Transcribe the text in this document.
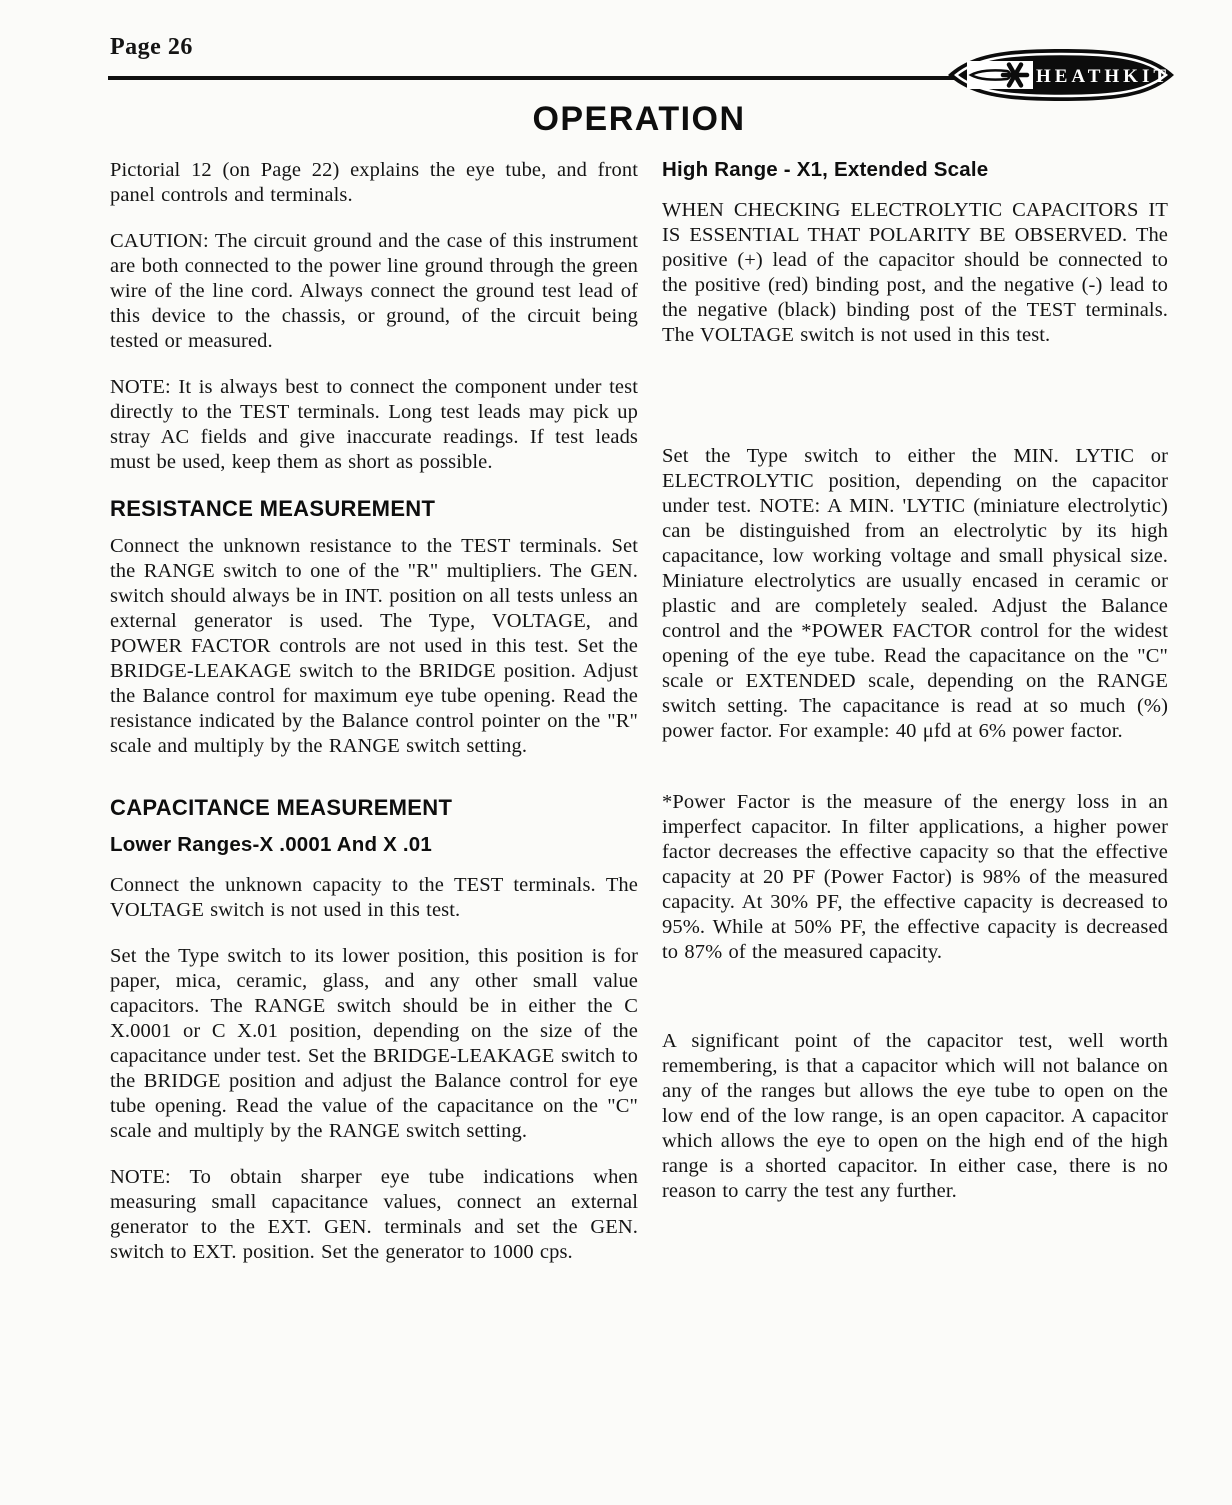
Page 26
HEATHKIT
OPERATION

Pictorial 12 (on Page 22) explains the eye tube, and front panel controls and terminals.

CAUTION: The circuit ground and the case of this instrument are both connected to the power line ground through the green wire of the line cord. Always connect the ground test lead of this device to the chassis, or ground, of the circuit being tested or measured.

NOTE: It is always best to connect the component under test directly to the TEST terminals. Long test leads may pick up stray AC fields and give inaccurate readings. If test leads must be used, keep them as short as possible.

RESISTANCE MEASUREMENT

Connect the unknown resistance to the TEST terminals. Set the RANGE switch to one of the "R" multipliers. The GEN. switch should always be in INT. position on all tests unless an external generator is used. The Type, VOLTAGE, and POWER FACTOR controls are not used in this test. Set the BRIDGE-LEAKAGE switch to the BRIDGE position. Adjust the Balance control for maximum eye tube opening. Read the resistance indicated by the Balance control pointer on the "R" scale and multiply by the RANGE switch setting.

CAPACITANCE MEASUREMENT
Lower Ranges-X .0001 And X .01

Connect the unknown capacity to the TEST terminals. The VOLTAGE switch is not used in this test.

Set the Type switch to its lower position, this position is for paper, mica, ceramic, glass, and any other small value capacitors. The RANGE switch should be in either the C X.0001 or C X.01 position, depending on the size of the capacitance under test. Set the BRIDGE-LEAKAGE switch to the BRIDGE position and adjust the Balance control for eye tube opening. Read the value of the capacitance on the "C" scale and multiply by the RANGE switch setting.

NOTE: To obtain sharper eye tube indications when measuring small capacitance values, connect an external generator to the EXT. GEN. terminals and set the GEN. switch to EXT. position. Set the generator to 1000 cps.

High Range - X1, Extended Scale

WHEN CHECKING ELECTROLYTIC CAPACITORS IT IS ESSENTIAL THAT POLARITY BE OBSERVED. The positive (+) lead of the capacitor should be connected to the positive (red) binding post, and the negative (-) lead to the negative (black) binding post of the TEST terminals. The VOLTAGE switch is not used in this test.

Set the Type switch to either the MIN. LYTIC or ELECTROLYTIC position, depending on the capacitor under test. NOTE: A MIN. 'LYTIC (miniature electrolytic) can be distinguished from an electrolytic by its high capacitance, low working voltage and small physical size. Miniature electrolytics are usually encased in ceramic or plastic and are completely sealed. Adjust the Balance control and the *POWER FACTOR control for the widest opening of the eye tube. Read the capacitance on the "C" scale or EXTENDED scale, depending on the RANGE switch setting. The capacitance is read at so much (%) power factor. For example: 40 μfd at 6% power factor.

*Power Factor is the measure of the energy loss in an imperfect capacitor. In filter applications, a higher power factor decreases the effective capacity so that the effective capacity at 20 PF (Power Factor) is 98% of the measured capacity. At 30% PF, the effective capacity is decreased to 95%. While at 50% PF, the effective capacity is decreased to 87% of the measured capacity.

A significant point of the capacitor test, well worth remembering, is that a capacitor which will not balance on any of the ranges but allows the eye tube to open on the low end of the low range, is an open capacitor. A capacitor which allows the eye to open on the high end of the high range is a shorted capacitor. In either case, there is no reason to carry the test any further.
